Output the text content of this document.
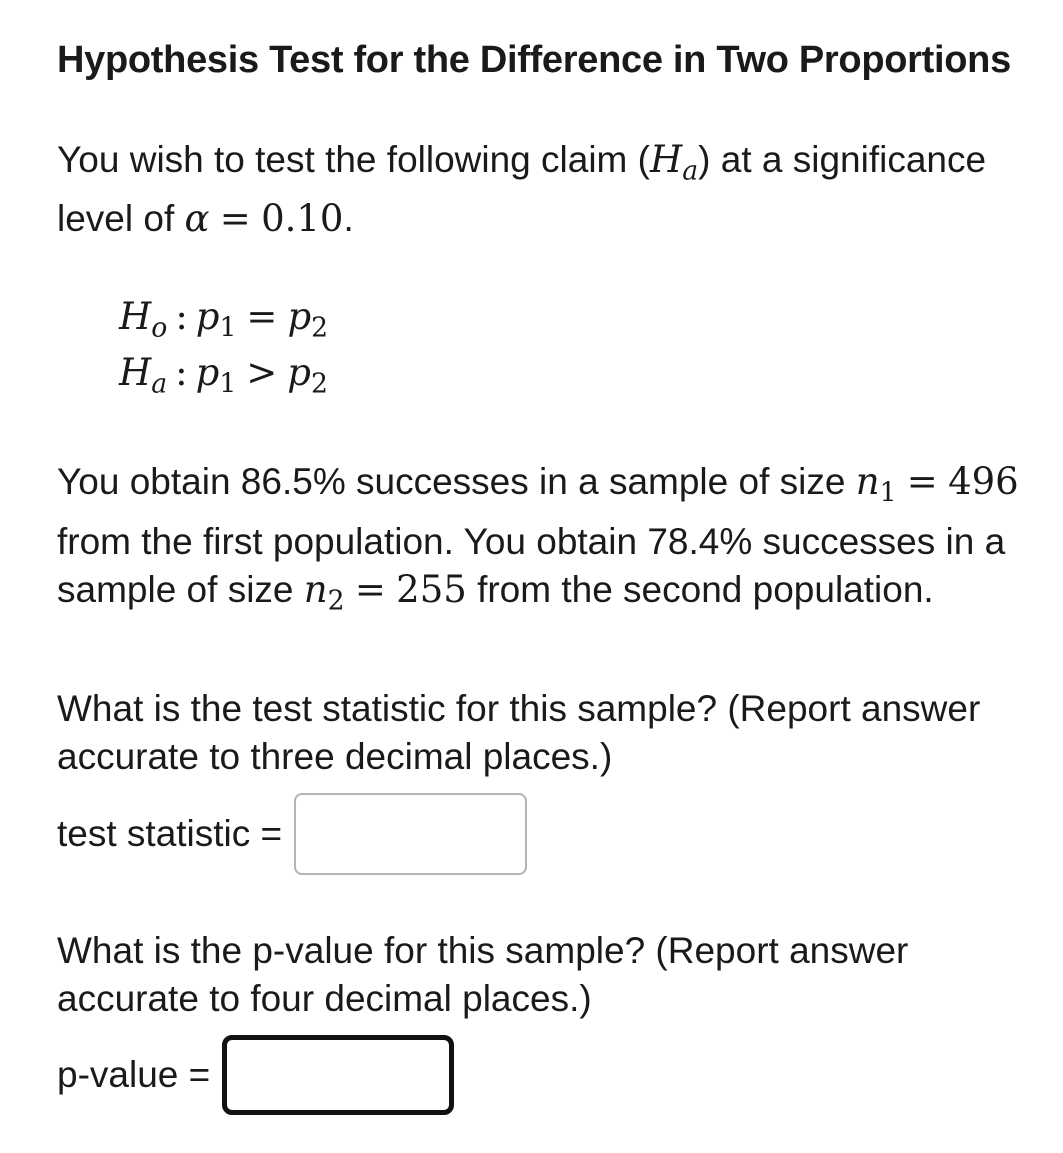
Hypothesis Test for the Difference in Two Proportions

You wish to test the following claim $(H_a)$ at a significance level of α = 0.10.

$H_o$ : $p_1 = p_2$
$H_a$ : $p_1 > p_2$

You obtain 86.5% successes in a sample of size $n_1 = 496$ from the first population. You obtain 78.4% successes in a sample of size $n_2 = 255$ from the second population.

What is the test statistic for this sample? (Report answer accurate to three decimal places.)

test statistic =

What is the p-value for this sample? (Report answer accurate to four decimal places.)

p-value =
